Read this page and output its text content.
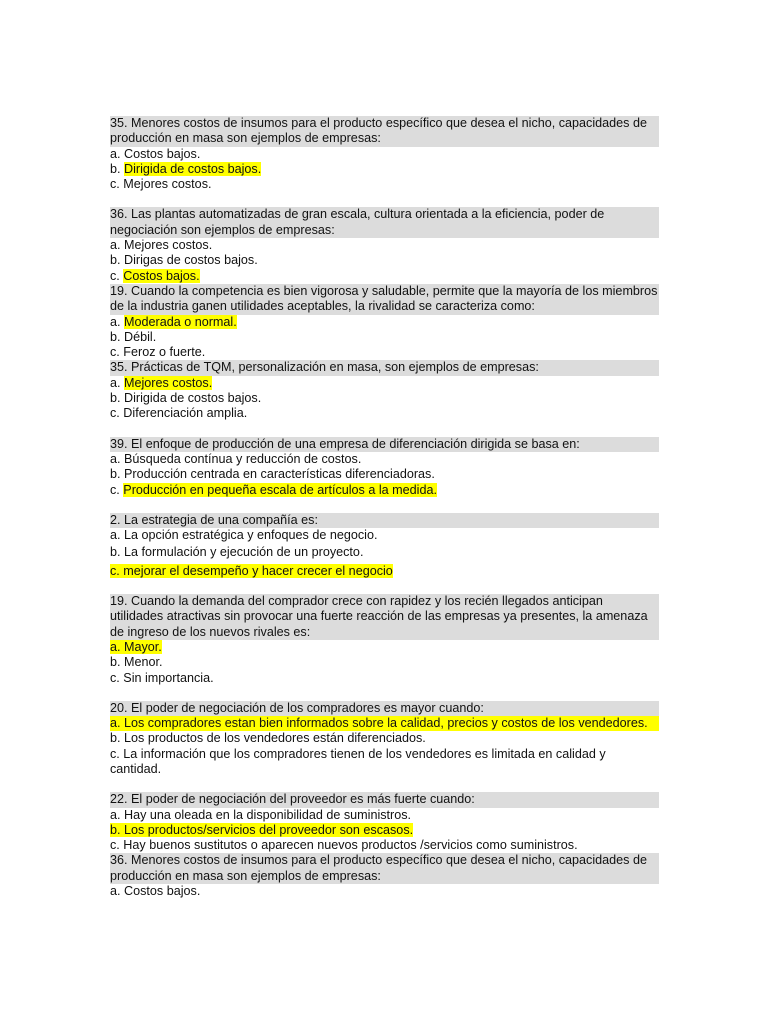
35. Menores costos de insumos para el producto específico que desea el nicho, capacidades de producción en masa son ejemplos de empresas:

a. Costos bajos.

b. Dirigida de costos bajos.

c. Mejores costos.

36. Las plantas automatizadas de gran escala, cultura orientada a la eficiencia, poder de negociación son ejemplos de empresas:

a. Mejores costos.

b. Dirigas de costos bajos.

c. Costos bajos.

19. Cuando la competencia es bien vigorosa y saludable, permite que la mayoría de los miembros de la industria ganen utilidades aceptables, la rivalidad se caracteriza como:

a. Moderada o normal.

b. Débil.

c. Feroz o fuerte.

35. Prácticas de TQM, personalización en masa, son ejemplos de empresas:

a. Mejores costos.

b. Dirigida de costos bajos.

c. Diferenciación amplia.

39. El enfoque de producción de una empresa de diferenciación dirigida se basa en:

a. Búsqueda contínua y reducción de costos.

b. Producción centrada en características diferenciadoras.

c. Producción en pequeña escala de artículos a la medida.

2. La estrategia de una compañía es:

a. La opción estratégica y enfoques de negocio.

b. La formulación y ejecución de un proyecto.

c. mejorar el desempeño y hacer crecer el negocio

19. Cuando la demanda del comprador crece con rapidez y los recién llegados anticipan utilidades atractivas sin provocar una fuerte reacción de las empresas ya presentes, la amenaza de ingreso de los nuevos rivales es:

a. Mayor.

b. Menor.

c. Sin importancia.

20. El poder de negociación de los compradores es mayor cuando:

a. Los compradores estan bien informados sobre la calidad, precios y costos de los vendedores.

b. Los productos de los vendedores están diferenciados.

c. La información que los compradores tienen de los vendedores es limitada en calidad y cantidad.

22. El poder de negociación del proveedor es más fuerte cuando:

a. Hay una oleada en la disponibilidad de suministros.

b. Los productos/servicios del proveedor son escasos.

c. Hay buenos sustitutos o aparecen nuevos productos /servicios como suministros.

36. Menores costos de insumos para el producto específico que desea el nicho, capacidades de producción en masa son ejemplos de empresas:

a. Costos bajos.
